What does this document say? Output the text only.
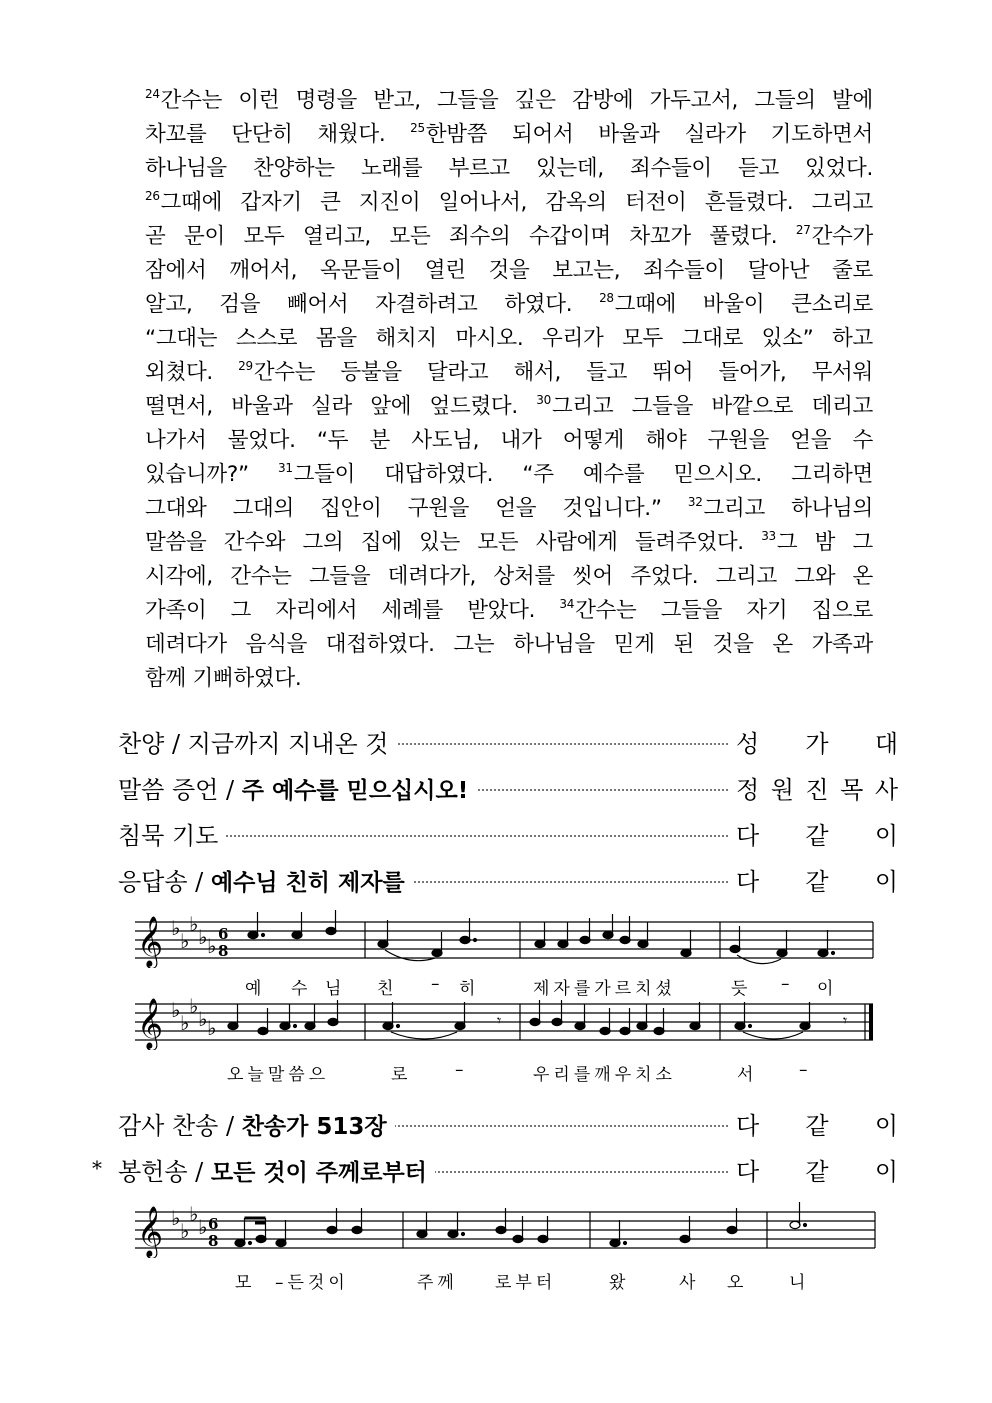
$^{24}$간수는 이런 명령을 받고, 그들을 깊은 감방에 가두고서, 그들의 발에
차꼬를 단단히 채웠다. $^{25}$한밤쯤 되어서 바울과 실라가 기도하면서
하나님을 찬양하는 노래를 부르고 있는데, 죄수들이 듣고 있었다.
$^{26}$그때에 갑자기 큰 지진이 일어나서, 감옥의 터전이 흔들렸다. 그리고
곧 문이 모두 열리고, 모든 죄수의 수갑이며 차꼬가 풀렸다. $^{27}$간수가
잠에서 깨어서, 옥문들이 열린 것을 보고는, 죄수들이 달아난 줄로
알고, 검을 빼어서 자결하려고 하였다. $^{28}$그때에 바울이 큰소리로
“그대는 스스로 몸을 해치지 마시오. 우리가 모두 그대로 있소” 하고
외쳤다. $^{29}$간수는 등불을 달라고 해서, 들고 뛰어 들어가, 무서워
떨면서, 바울과 실라 앞에 엎드렸다. $^{30}$그리고 그들을 바깥으로 데리고
나가서 물었다. “두 분 사도님, 내가 어떻게 해야 구원을 얻을 수
있습니까?” $^{31}$그들이 대답하였다. “주 예수를 믿으시오. 그리하면
그대와 그대의 집안이 구원을 얻을 것입니다.” $^{32}$그리고 하나님의
말씀을 간수와 그의 집에 있는 모든 사람에게 들려주었다. $^{33}$그 밤 그
시각에, 간수는 그들을 데려다가, 상처를 씻어 주었다. 그리고 그와 온
가족이 그 자리에서 세례를 받았다. $^{34}$간수는 그들을 자기 집으로
데려다가 음식을 대접하였다. 그는 하나님을 믿게 된 것을 온 가족과
함께 기뻐하였다.
찬양 / 지금까지 지내온 것	성 가 대
말씀 증언 / 주 예수를 믿으십시오!	정 원 진 목 사
침묵 기도	다 같 이
응답송 / 예수님 친히 제자를	다 같 이
𝄞 ♭
♭
♭
♭ ♭ 6
8
예 수 님 친 – 히	제자를가르치셨	듯 – 이
𝄞 ♭
♭
♭
♭ ♭	𝄾	𝄾
오늘말씀으	로	–	우리를깨우치소	서 –
감사 찬송 / 찬송가 513장	다 같 이
* 봉헌송 / 모든 것이 주께로부터	다 같 이
𝄞 ♭
♭
♭
♭ 6
8
모 –든것이	주께 로부터	왔	사 오 니
